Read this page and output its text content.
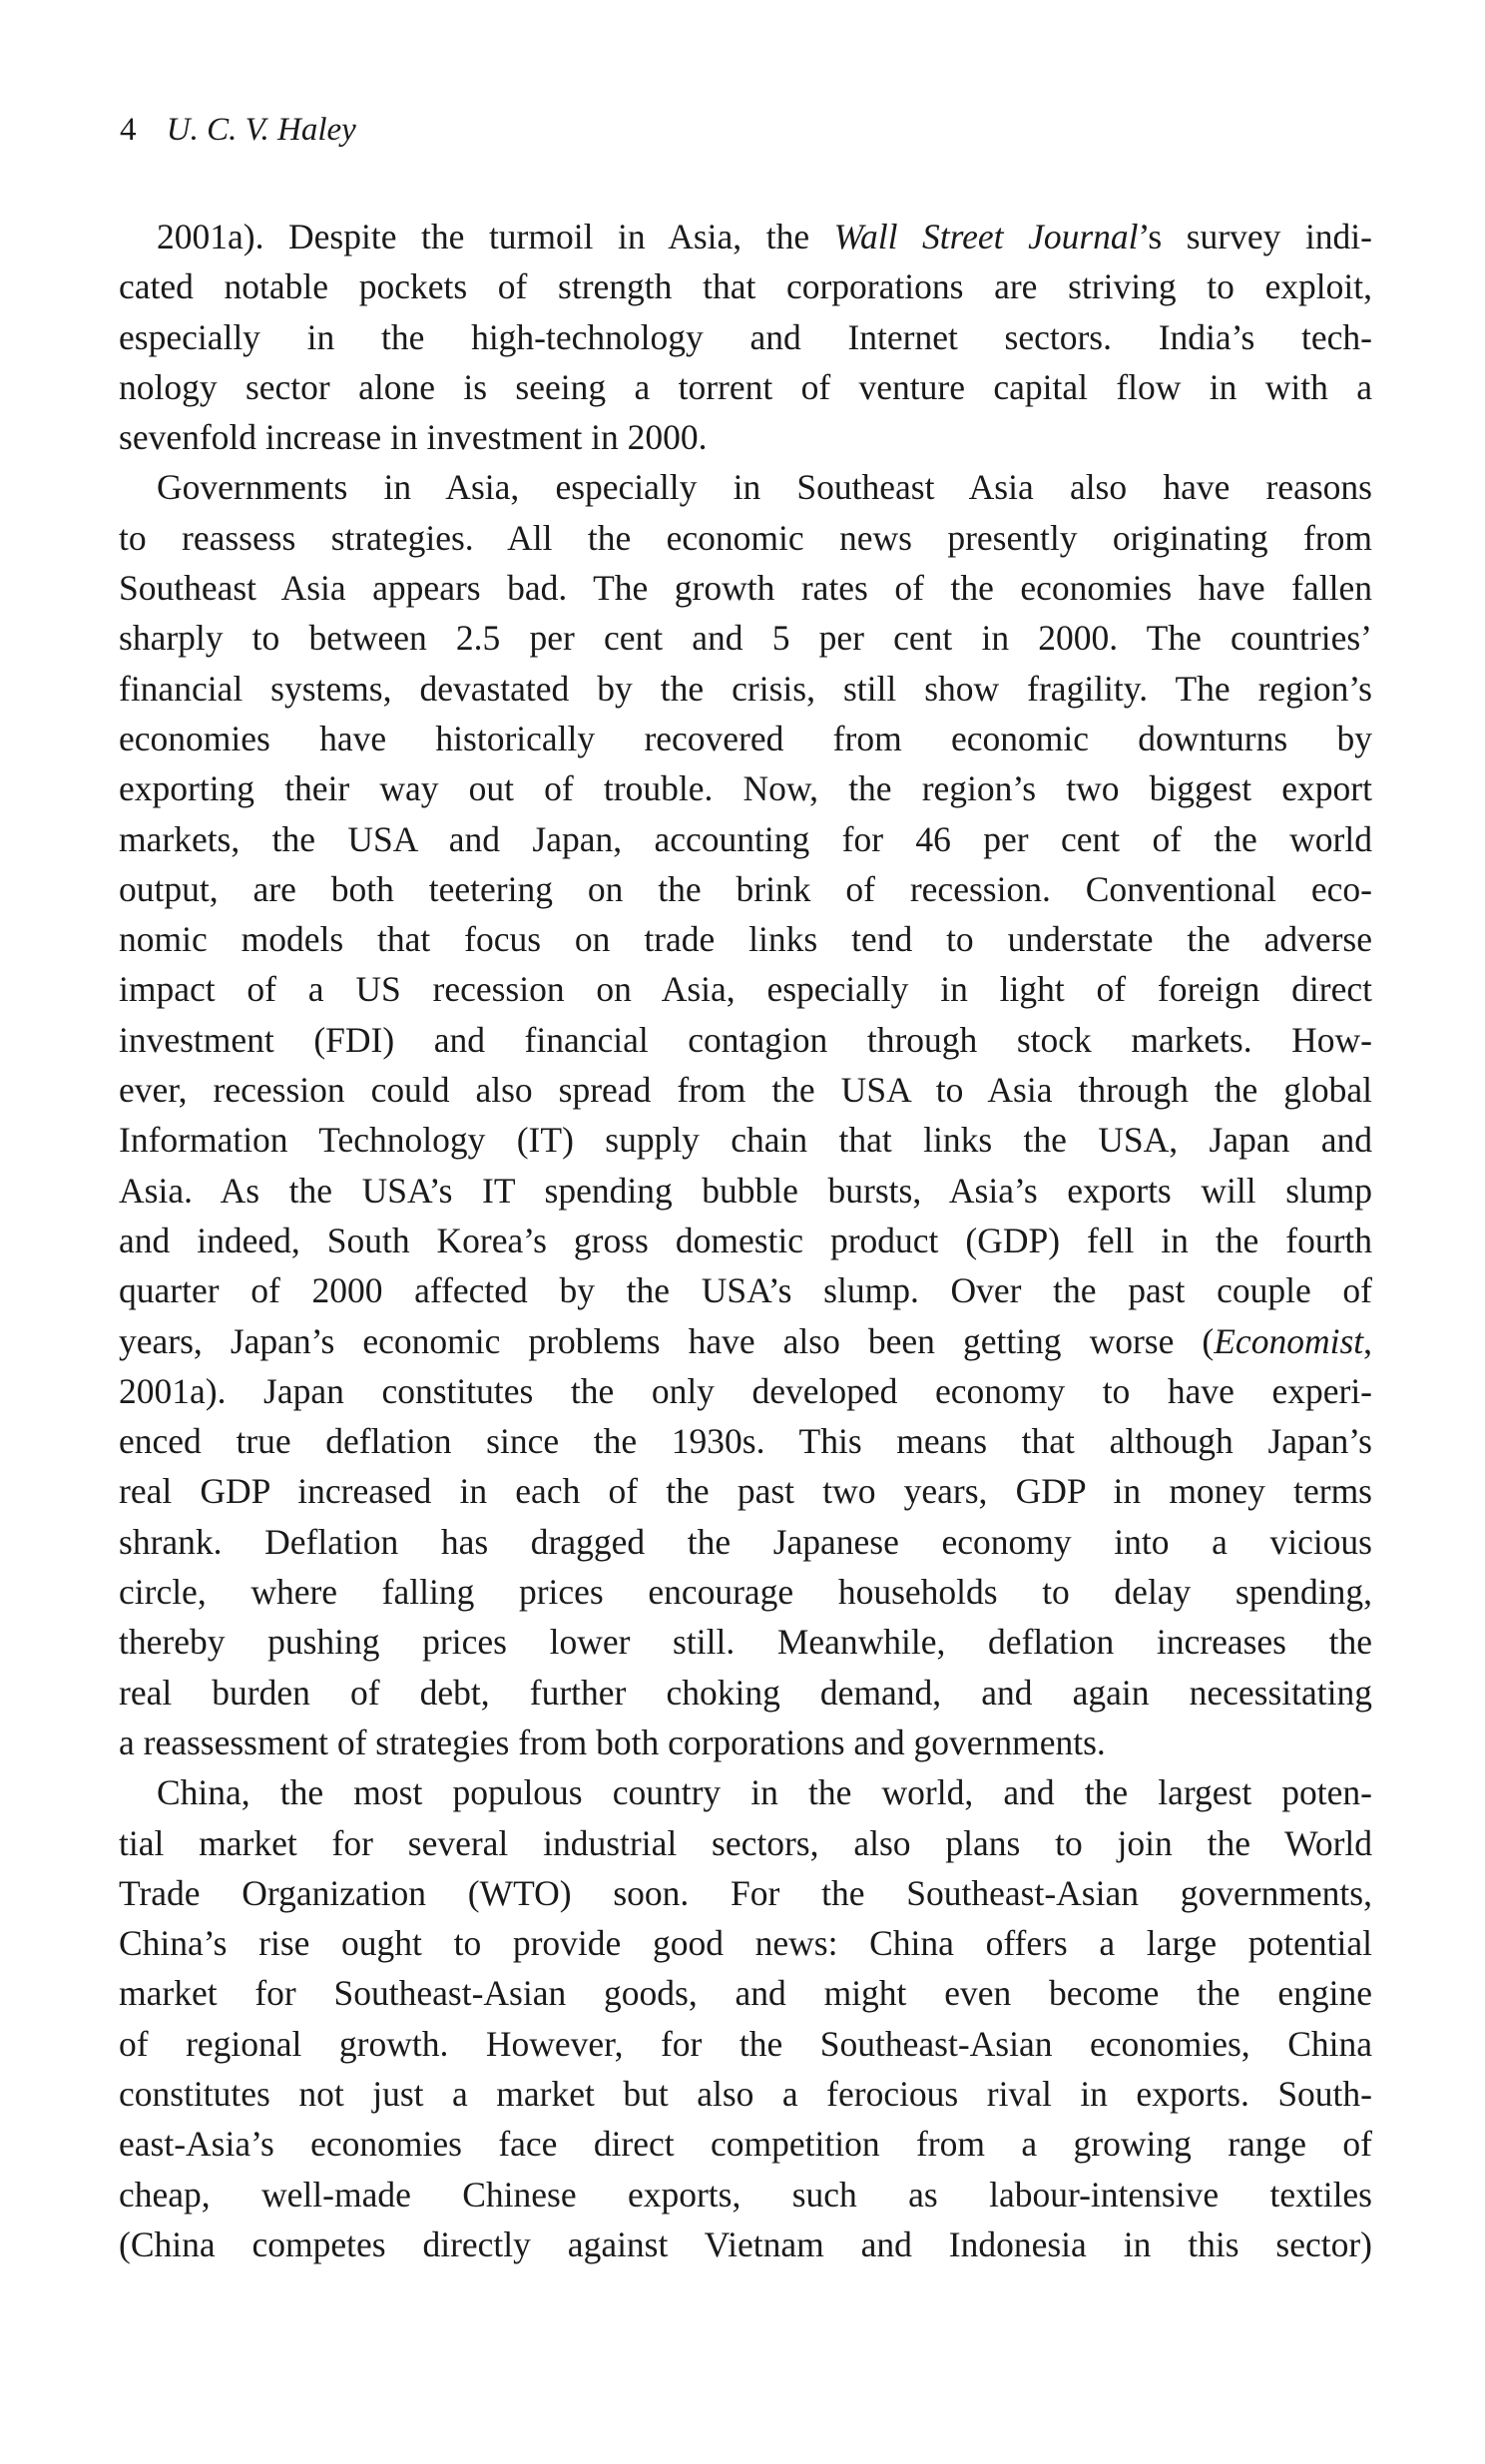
4 U. C. V. Haley
2001a). Despite the turmoil in Asia, the Wall Street Journal’s survey indi-
cated notable pockets of strength that corporations are striving to exploit,
especially in the high-technology and Internet sectors. India’s tech-
nology sector alone is seeing a torrent of venture capital flow in with a
sevenfold increase in investment in 2000.
Governments in Asia, especially in Southeast Asia also have reasons
to reassess strategies. All the economic news presently originating from
Southeast Asia appears bad. The growth rates of the economies have fallen
sharply to between 2.5 per cent and 5 per cent in 2000. The countries’
financial systems, devastated by the crisis, still show fragility. The region’s
economies have historically recovered from economic downturns by
exporting their way out of trouble. Now, the region’s two biggest export
markets, the USA and Japan, accounting for 46 per cent of the world
output, are both teetering on the brink of recession. Conventional eco-
nomic models that focus on trade links tend to understate the adverse
impact of a US recession on Asia, especially in light of foreign direct
investment (FDI) and financial contagion through stock markets. How-
ever, recession could also spread from the USA to Asia through the global
Information Technology (IT) supply chain that links the USA, Japan and
Asia. As the USA’s IT spending bubble bursts, Asia’s exports will slump
and indeed, South Korea’s gross domestic product (GDP) fell in the fourth
quarter of 2000 affected by the USA’s slump. Over the past couple of
years, Japan’s economic problems have also been getting worse (Economist,
2001a). Japan constitutes the only developed economy to have experi-
enced true deflation since the 1930s. This means that although Japan’s
real GDP increased in each of the past two years, GDP in money terms
shrank. Deflation has dragged the Japanese economy into a vicious
circle, where falling prices encourage households to delay spending,
thereby pushing prices lower still. Meanwhile, deflation increases the
real burden of debt, further choking demand, and again necessitating
a reassessment of strategies from both corporations and governments.
China, the most populous country in the world, and the largest poten-
tial market for several industrial sectors, also plans to join the World
Trade Organization (WTO) soon. For the Southeast-Asian governments,
China’s rise ought to provide good news: China offers a large potential
market for Southeast-Asian goods, and might even become the engine
of regional growth. However, for the Southeast-Asian economies, China
constitutes not just a market but also a ferocious rival in exports. South-
east-Asia’s economies face direct competition from a growing range of
cheap, well-made Chinese exports, such as labour-intensive textiles
(China competes directly against Vietnam and Indonesia in this sector)
